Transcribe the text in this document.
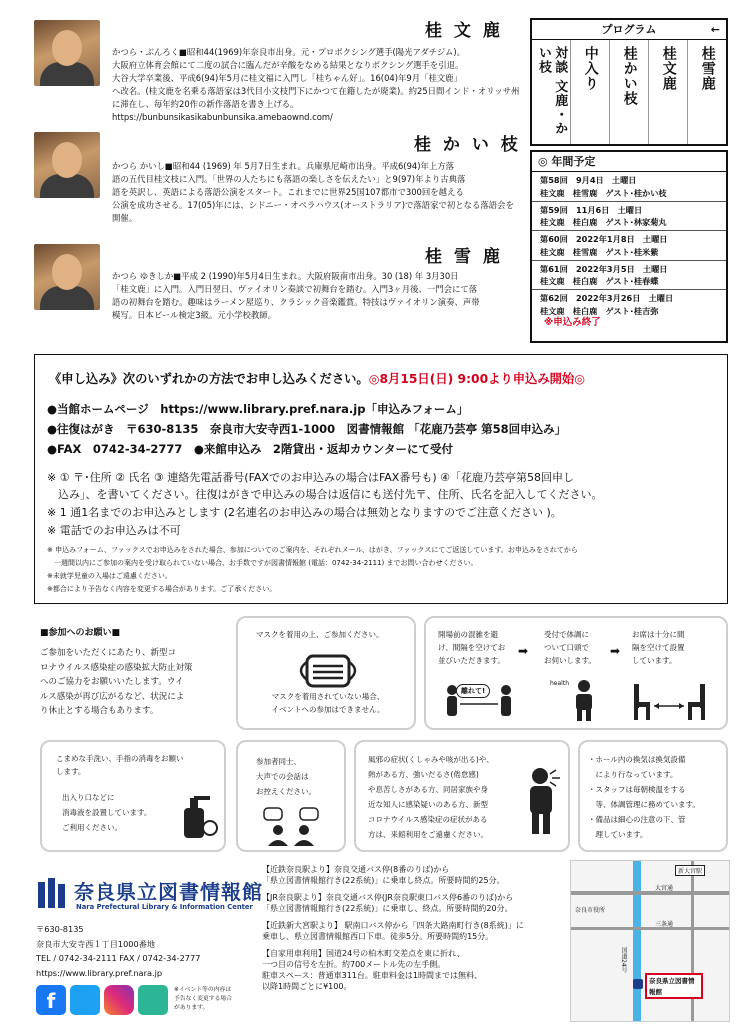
桂 文 鹿
桂 か い 枝
桂 雪 鹿
かつら・ぶんろく■昭和44(1969)年奈良市出身。元・プロボクシング選手(陽光アダチジム)。
大阪府立体育会館にて二度の試合に臨んだが辛酸をなめる結果となりボクシング選手を引退。
大谷大学卒業後、平成6(94)年5月に桂文福に入門し「桂ちゃん好」。16(04)年9月「桂文鹿」
へ改名。(桂文鹿を名乗る落語家は3代目小文枝門下にかつて在籍したが廃業)。約25日間インド・オリッサ州に滞在し、毎年約20作の新作落語を書き上げる。
https://bunbunsikasikabunbunsika.amebaownd.com/
かつら かいし■昭和44 (1969) 年 5月7日生まれ。兵庫県尼崎市出身。平成6(94)年上方落
語の五代目桂文枝に入門。「世界の人たちにも落語の楽しさを伝えたい」と9(97)年より古典落
語を英訳し、英語による落語公演をスタート。これまでに世界25国107都市で300回を越える
公演を成功させる。17(05)年には、シドニー・オペラハウス(オーストラリア)で落語家で初となる落語会を開催。
かつら ゆきしか■平成 2 (1990)年5月4日生まれ。大阪府阪南市出身。30 (18) 年 3月30日
「桂文鹿」に入門。入門日翌日、ヴァイオリン奏談で初舞台を踏む。入門3ヶ月後、一門会にて落
語の初舞台を踏む。趣味はラーメン屋巡り、クラシック音楽鑑賞。特技はヴァイオリン演奏、声帯
模写。日本ビール検定3級。元小学校教師。
プログラム	←
桂雪鹿
桂文鹿
桂かい枝
中入り
対談 文鹿・かい枝
◎ 年間予定
第58回　9月4日　土曜日
桂文鹿　桂雪鹿　ゲスト･桂かい枝
第59回　11月6日　土曜日
桂文鹿　桂白鹿　ゲスト･林家菊丸
第60回　2022年1月8日　土曜日
桂文鹿　桂雪鹿　ゲスト･桂米紫
第61回　2022年3月5日　土曜日
桂文鹿　桂白鹿　ゲスト･桂春蝶
第62回　2022年3月26日　土曜日
桂文鹿　桂白鹿　ゲスト･桂吉弥
※申込み終了
《申し込み》次のいずれかの方法でお申し込みください。◎8月15日(日) 9:00より申込み開始◎
●当館ホームページ　https://www.library.pref.nara.jp「申込みフォーム」
●往復はがき　〒630-8135　奈良市大安寺西1-1000　図書情報館 「花鹿乃芸亭 第58回申込み」
●FAX　0742-34-2777　●来館申込み　2階貸出・返却カウンターにて受付
※ ① 〒･住所 ② 氏名 ③ 連絡先電話番号(FAXでのお申込みの場合はFAX番号も) ④「花鹿乃芸亭第58回申し
　込み」、を書いてください。往復はがきで申込みの場合は返信にも送付先〒、住所、氏名を記入してください。
※ 1 通1名までのお申込みとします (2名連名のお申込みの場合は無効となりますのでご注意ください )。
※ 電話でのお申込みは不可
※ 申込みフォーム、ファックスでお申込みをされた場合、参加についてのご案内を、それぞれメール、はがき、ファックスにてご返送しています。お申込みをされてから
　一週間以内にご参加の案内を受け取られていない場合、お手数ですが図書情報館 (電話：0742-34-2111) までお問い合わせください。
※未就学児童の入場はご遠慮ください。
※都合により予告なく内容を変更する場合があります。ご了承ください。
■参加へのお願い■
ご参加をいただくにあたり、新型コ
ロナウイルス感染症の感染拡大防止対策
へのご協力をお願いいたします。ウイ
ルス感染が再び広がるなど、状況によ
り休止とする場合もあります。
マスクを着用の上、ご参加ください。
マスクを着用されていない場合、
イベントへの参加はできません。
開場前の混雑を避
け、間隔を空けてお
並びいただきます。
受付で体調に
ついて口頭で
お伺いします。
お席は十分に間
隔を空けて設置
しています。
➡	➡
離れて!
health
こまめな手洗い、手指の消毒をお願い
します。
出入り口などに
消毒液を設置しています。
ご利用ください。
参加者同士、
大声での会話は
お控えください。
風邪の症状(くしゃみや咳が出る)や、
熱がある方、強いだるさ(倦怠感)
や息苦しさがある方、同居家族や身
近な知人に感染疑いのある方、新型
コロナウイルス感染症の症状がある
方は、来館利用をご遠慮ください。
・ホール内の換気は換気設備
　により行なっています。
・スタッフは毎朝検温をする
　等、体調管理に務めています。
・備品は細心の注意の下、管
　理しています。
奈良県立図書情報館
Nara Prefectural Library & Information Center
〒630-8135
奈良市大安寺西１丁目1000番地
TEL / 0742-34-2111 FAX / 0742-34-2777
https://www.library.pref.nara.jp
f	※イベント等の内容は
予告なく変更する場合
があります。
【近鉄奈良駅より】奈良交通バス停(8番のりば)から
「県立図書情報館行き(22系統)」に乗車し終点。所要時間約25分。
【JR奈良駅より】奈良交通バス停(JR奈良駅東口バス停6番のりば)から
「県立図書情報館行き(22系統)」に乗車し、終点。所要時間約20分。
【近鉄新大宮駅より】 駅南口バス停から「四条大路南町行き(8系統)」に
乗車し、県立図書情報館西口下車。徒歩5分。所要時間約15分。
【自家用車利用】国道24号の柏木町交差点を東に折れ、
一つ目の信号を左折。約700メートル先の左手側。
駐車スペース：普通車311台。駐車料金は1時間までは無料、
以降1時間ごとに¥100。
新大宮駅
大宮通
三条通
国道24号
奈良市役所
奈良県立図書情報館
